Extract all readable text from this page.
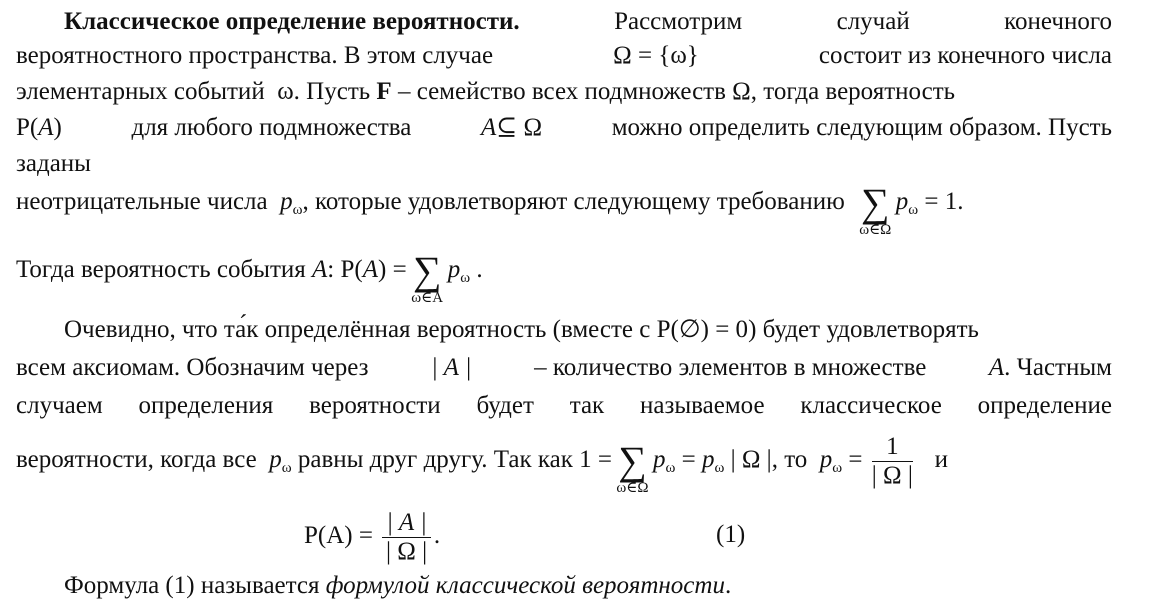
Классическое определение вероятности.	Рассмотрим	случай	конечного
вероятностного пространства. В этом случае	Ω = {ω}	состоит из конечного числа
элементарных событий ω. Пусть F – семейство всех подмножеств Ω, тогда вероятность
P(A)	для любого подмножества	A⊆ Ω	можно определить следующим образом. Пусть
заданы
неотрицательные числа $p_\omega$, которые удовлетворяют следующему требованию ∑
ω∈Ω
$p_\omega = 1$.
Тогда вероятность события A: P(A) = ∑
ω∈A
$p_\omega$ .
Очевидно, что та́к определённая вероятность (вместе с P(∅) = 0) будет удовлетворять
всем аксиомам. Обозначим через | A | – количество элементов в множестве A. Частным
случаем определения вероятности будет так называемое классическое определение
вероятности, когда все $p_\omega$ равны друг другу. Так как 1 = ∑
ω∈Ω
$p_\omega = p_\omega$ | Ω |, то $p_\omega = \frac{1}{| \Omega |}$ и
$P(A) = \frac{| A |}{| \Omega |}$ .	(1)
Формула (1) называется формулой классической вероятности.
